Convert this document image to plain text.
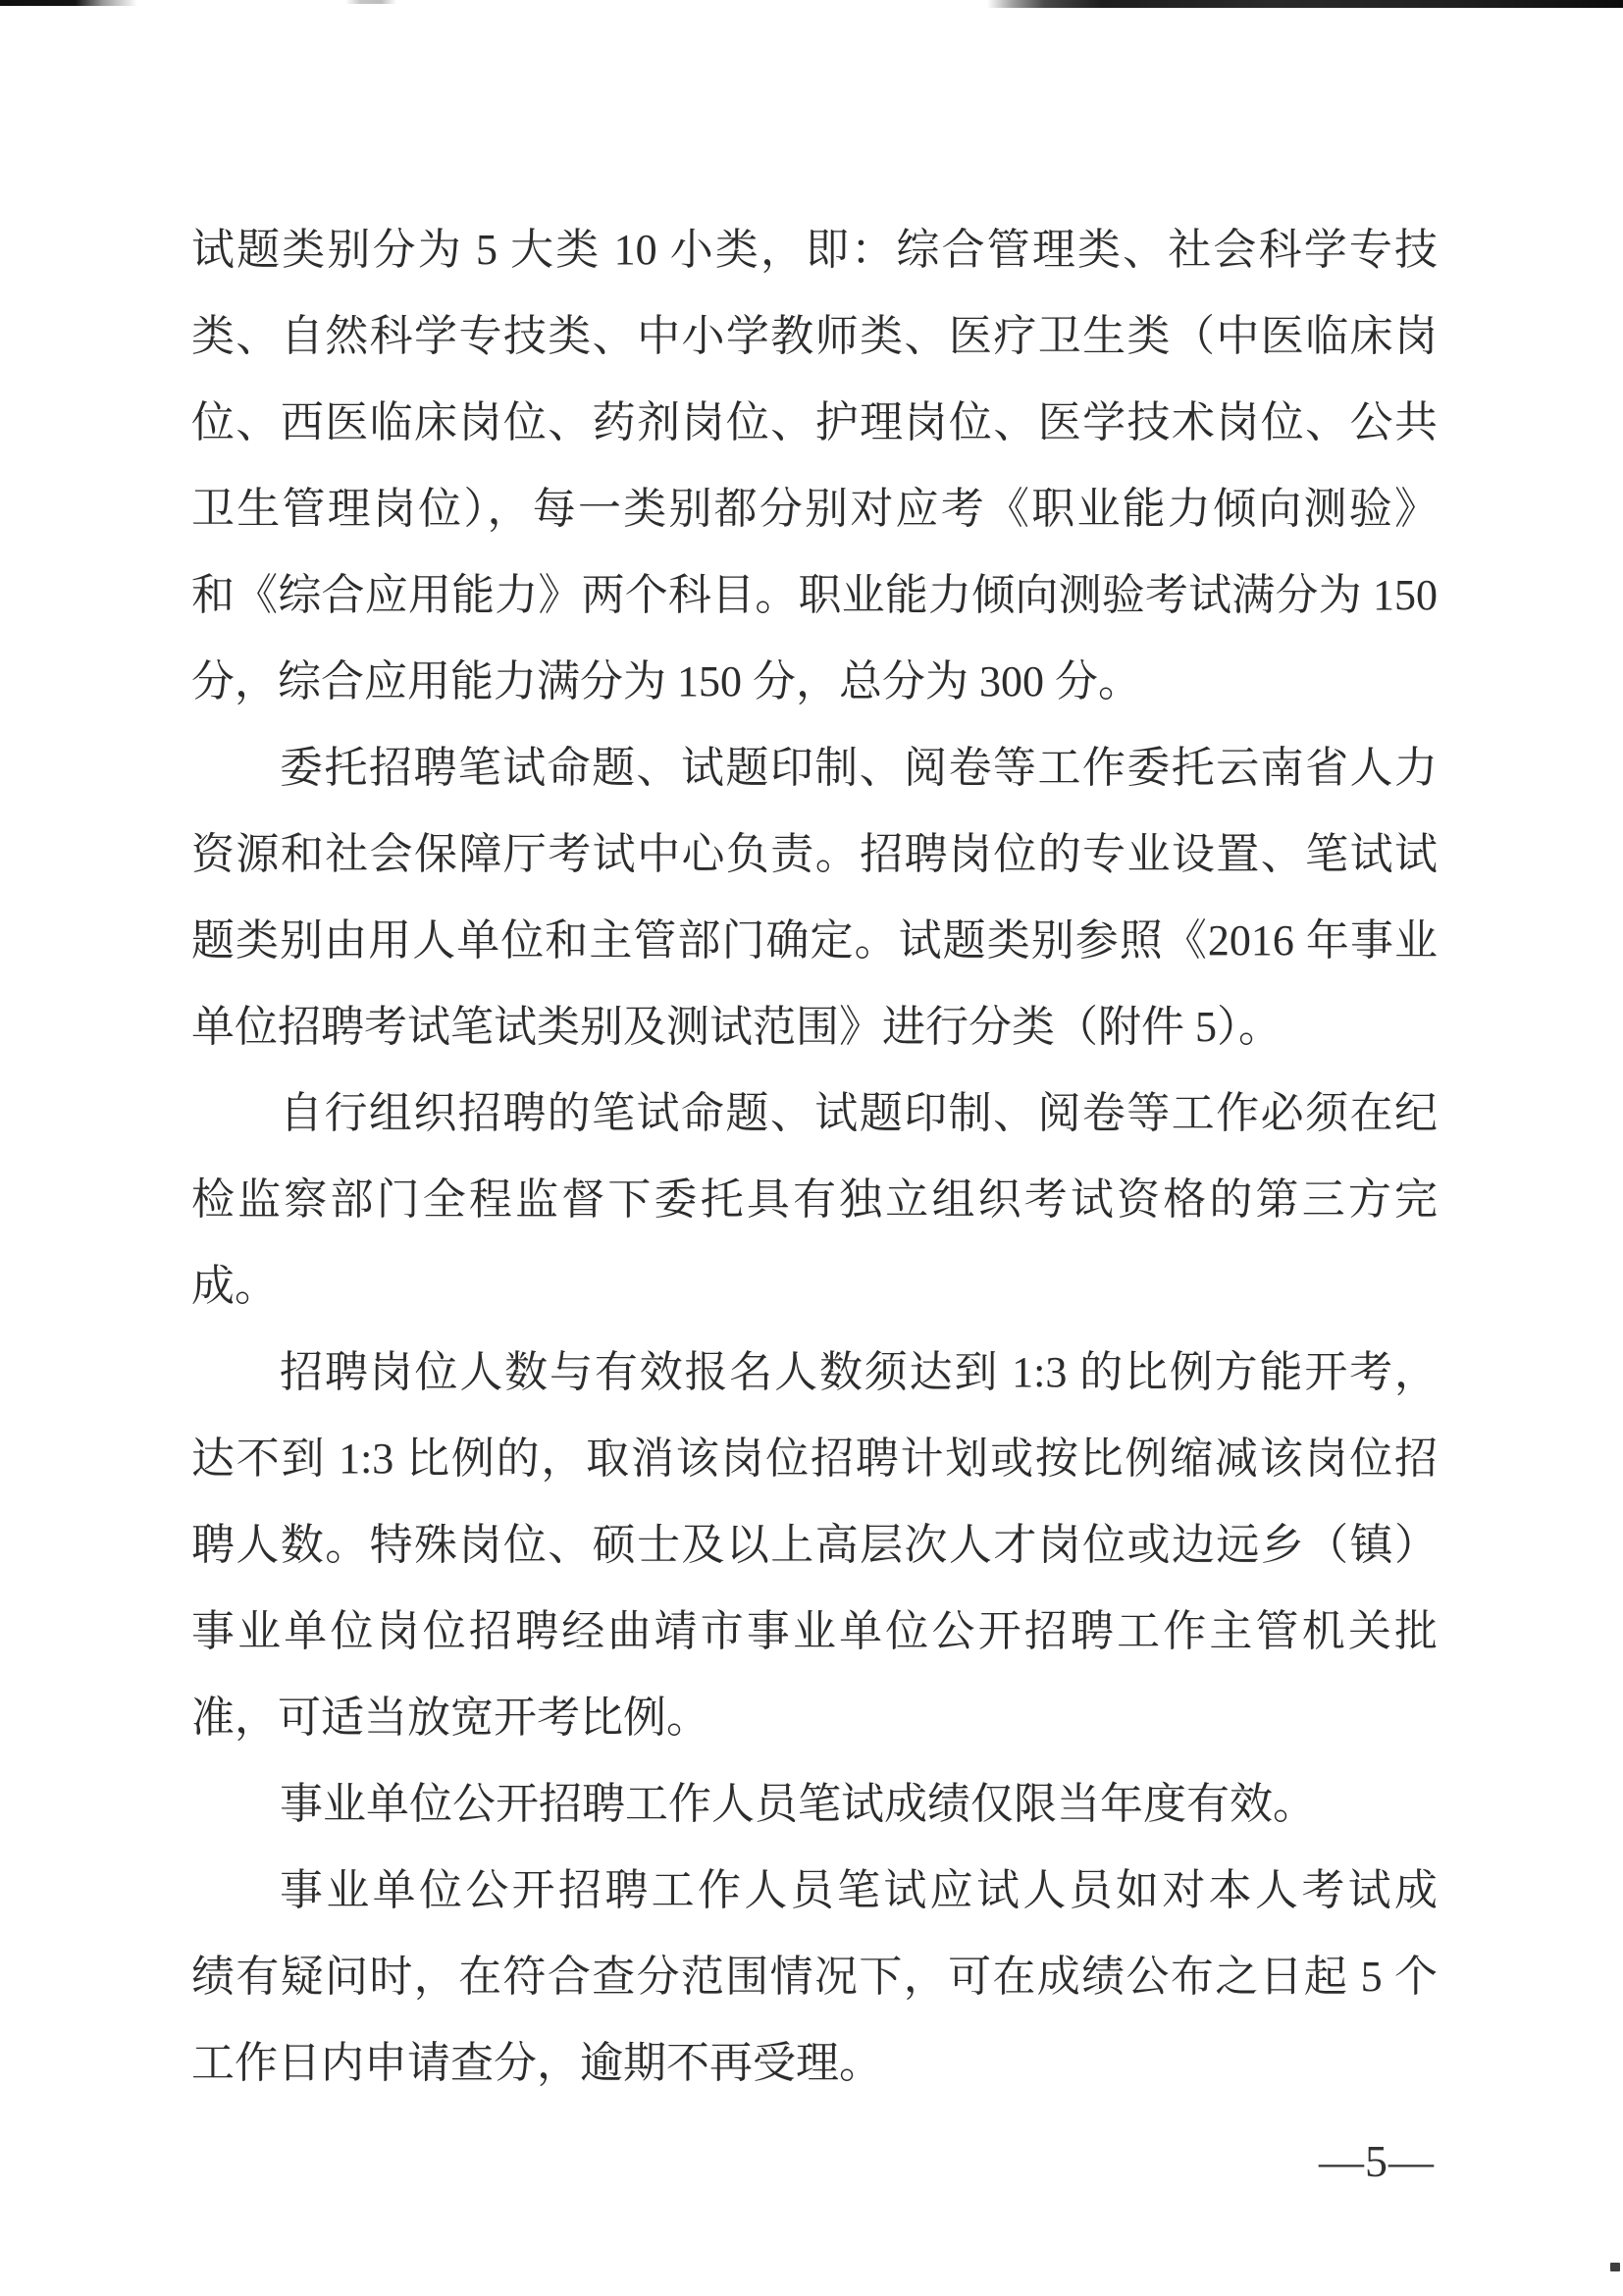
试题类别分为 5 大类 10 小类，即：综合管理类、社会科学专技
类、自然科学专技类、中小学教师类、医疗卫生类（中医临床岗
位、西医临床岗位、药剂岗位、护理岗位、医学技术岗位、公共
卫生管理岗位），每一类别都分别对应考《职业能力倾向测验》
和《综合应用能力》两个科目。职业能力倾向测验考试满分为 150
分，综合应用能力满分为 150 分，总分为 300 分。
委托招聘笔试命题、试题印制、阅卷等工作委托云南省人力
资源和社会保障厅考试中心负责。招聘岗位的专业设置、笔试试
题类别由用人单位和主管部门确定。试题类别参照《2016 年事业
单位招聘考试笔试类别及测试范围》进行分类（附件 5）。
自行组织招聘的笔试命题、试题印制、阅卷等工作必须在纪
检监察部门全程监督下委托具有独立组织考试资格的第三方完
成。
招聘岗位人数与有效报名人数须达到 1:3 的比例方能开考，
达不到 1:3 比例的，取消该岗位招聘计划或按比例缩减该岗位招
聘人数。特殊岗位、硕士及以上高层次人才岗位或边远乡（镇）
事业单位岗位招聘经曲靖市事业单位公开招聘工作主管机关批
准，可适当放宽开考比例。
事业单位公开招聘工作人员笔试成绩仅限当年度有效。
事业单位公开招聘工作人员笔试应试人员如对本人考试成
绩有疑问时，在符合查分范围情况下，可在成绩公布之日起 5 个
工作日内申请查分，逾期不再受理。
—5—
